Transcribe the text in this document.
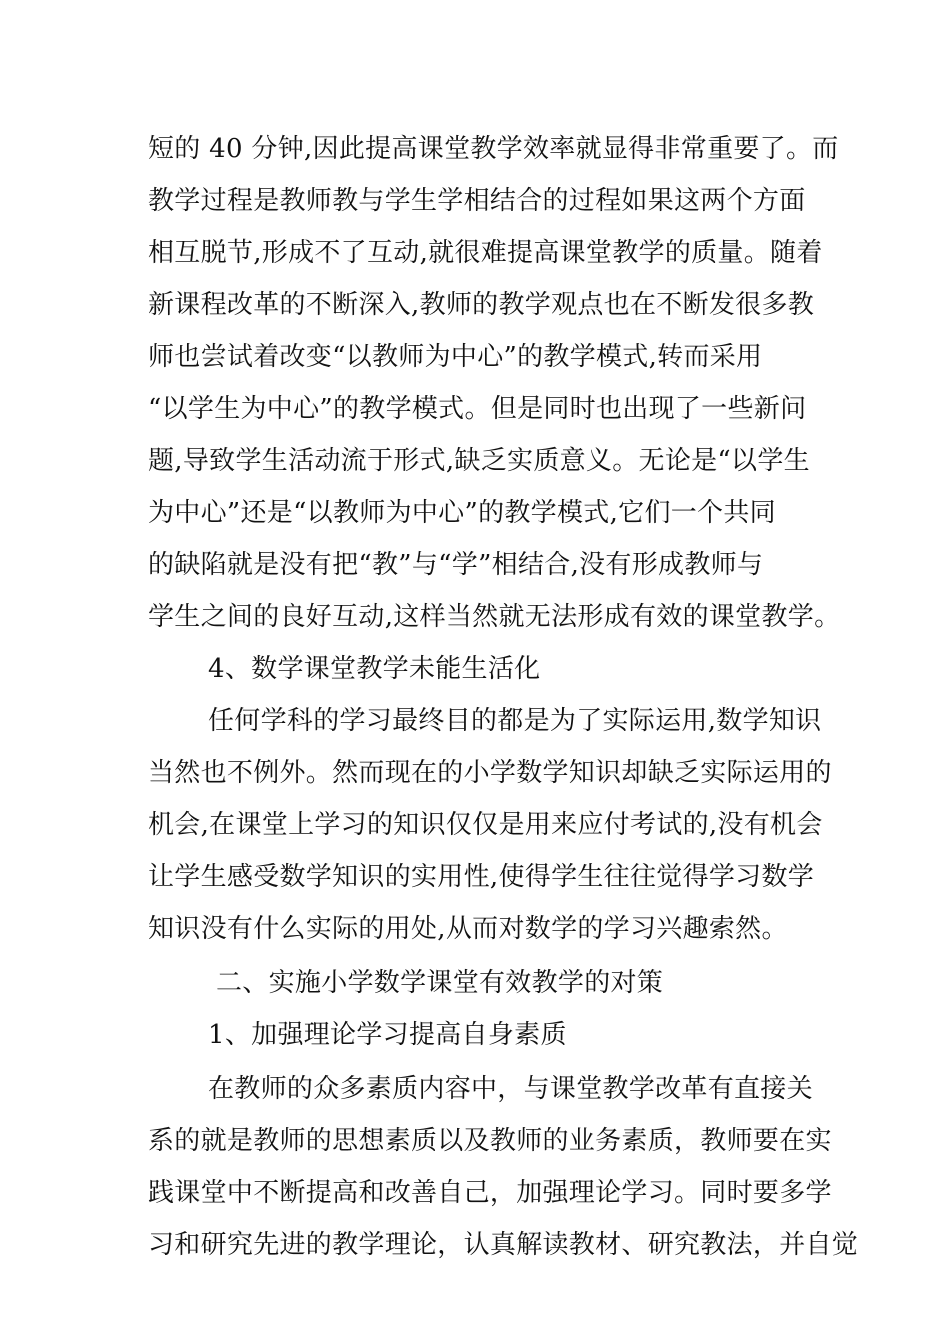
短的 40 分钟,因此提高课堂教学效率就显得非常重要了。而
教学过程是教师教与学生学相结合的过程如果这两个方面
相互脱节,形成不了互动,就很难提高课堂教学的质量。随着
新课程改革的不断深入,教师的教学观点也在不断发很多教
师也尝试着改变“以教师为中心”的教学模式,转而采用
“以学生为中心”的教学模式。但是同时也出现了一些新问
题,导致学生活动流于形式,缺乏实质意义。无论是“以学生
为中心”还是“以教师为中心”的教学模式,它们一个共同
的缺陷就是没有把“教”与“学”相结合,没有形成教师与
学生之间的良好互动,这样当然就无法形成有效的课堂教学。
4、数学课堂教学未能生活化
任何学科的学习最终目的都是为了实际运用,数学知识
当然也不例外。然而现在的小学数学知识却缺乏实际运用的
机会,在课堂上学习的知识仅仅是用来应付考试的,没有机会
让学生感受数学知识的实用性,使得学生往往觉得学习数学
知识没有什么实际的用处,从而对数学的学习兴趣索然。
二、实施小学数学课堂有效教学的对策
1、加强理论学习提高自身素质
在教师的众多素质内容中，与课堂教学改革有直接关
系的就是教师的思想素质以及教师的业务素质，教师要在实
践课堂中不断提高和改善自己，加强理论学习。同时要多学
习和研究先进的教学理论，认真解读教材、研究教法，并自觉
